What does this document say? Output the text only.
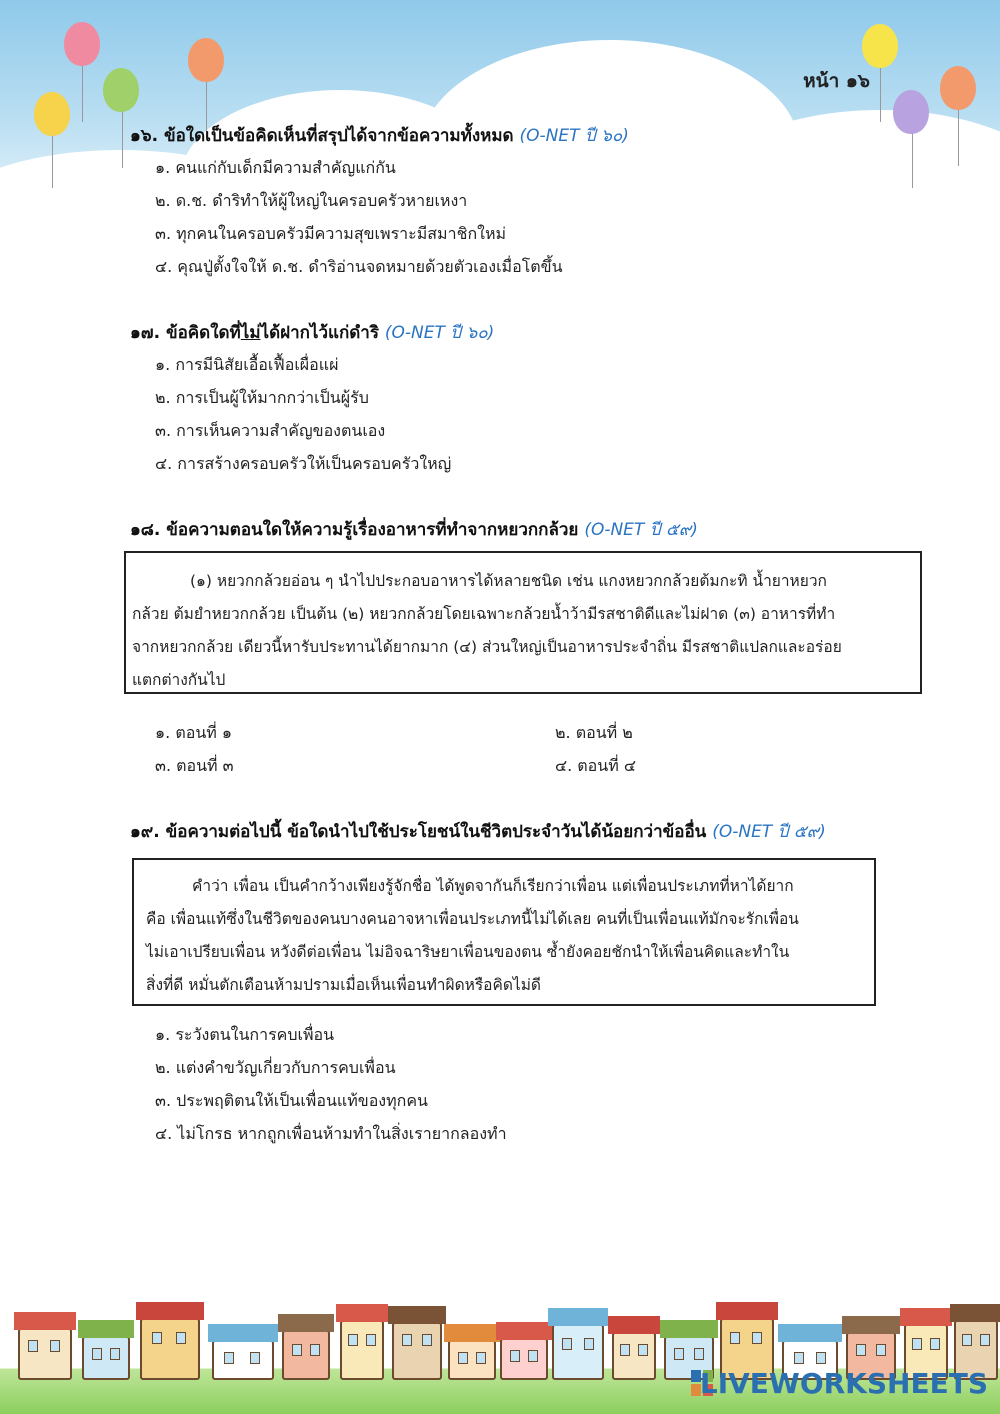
หน้า ๑๖
๑๖. ข้อใดเป็นข้อคิดเห็นที่สรุปได้จากข้อความทั้งหมด (O-NET ปี ๖๐)
๑. คนแก่กับเด็กมีความสำคัญแก่กัน
๒. ด.ช. ดำริทำให้ผู้ใหญ่ในครอบครัวหายเหงา
๓. ทุกคนในครอบครัวมีความสุขเพราะมีสมาชิกใหม่
๔. คุณปู่ตั้งใจให้ ด.ช. ดำริอ่านจดหมายด้วยตัวเองเมื่อโตขึ้น
๑๗. ข้อคิดใดที่ไม่ได้ฝากไว้แก่ดำริ (O-NET ปี ๖๐)
๑. การมีนิสัยเอื้อเฟื้อเผื่อแผ่
๒. การเป็นผู้ให้มากกว่าเป็นผู้รับ
๓. การเห็นความสำคัญของตนเอง
๔. การสร้างครอบครัวให้เป็นครอบครัวใหญ่
๑๘. ข้อความตอนใดให้ความรู้เรื่องอาหารที่ทำจากหยวกกล้วย (O-NET ปี ๕๙)

(๑) หยวกกล้วยอ่อน ๆ นำไปประกอบอาหารได้หลายชนิด เช่น แกงหยวกกล้วยต้มกะทิ น้ำยาหยวก

กล้วย ต้มยำหยวกกล้วย เป็นต้น (๒) หยวกกล้วยโดยเฉพาะกล้วยน้ำว้ามีรสชาติดีและไม่ฝาด (๓) อาหารที่ทำ

จากหยวกกล้วย เดียวนี้หารับประทานได้ยากมาก (๔) ส่วนใหญ่เป็นอาหารประจำถิ่น มีรสชาติแปลกและอร่อย

แตกต่างกันไป

๑. ตอนที่ ๑	๒. ตอนที่ ๒
๓. ตอนที่ ๓	๔. ตอนที่ ๔
๑๙. ข้อความต่อไปนี้ ข้อใดนำไปใช้ประโยชน์ในชีวิตประจำวันได้น้อยกว่าข้ออื่น (O-NET ปี ๕๙)

คำว่า เพื่อน เป็นคำกว้างเพียงรู้จักชื่อ ได้พูดจากันก็เรียกว่าเพื่อน แต่เพื่อนประเภทที่หาได้ยาก

คือ เพื่อนแท้ซึ่งในชีวิตของคนบางคนอาจหาเพื่อนประเภทนี้ไม่ได้เลย คนที่เป็นเพื่อนแท้มักจะรักเพื่อน

ไม่เอาเปรียบเพื่อน หวังดีต่อเพื่อน ไม่อิจฉาริษยาเพื่อนของตน ซ้ำยังคอยชักนำให้เพื่อนคิดและทำใน

สิ่งที่ดี หมั่นตักเตือนห้ามปรามเมื่อเห็นเพื่อนทำผิดหรือคิดไม่ดี

๑. ระวังตนในการคบเพื่อน
๒. แต่งคำขวัญเกี่ยวกับการคบเพื่อน
๓. ประพฤติตนให้เป็นเพื่อนแท้ของทุกคน
๔. ไม่โกรธ หากถูกเพื่อนห้ามทำในสิ่งเรายากลองทำ
LIVEWORKSHEETS
